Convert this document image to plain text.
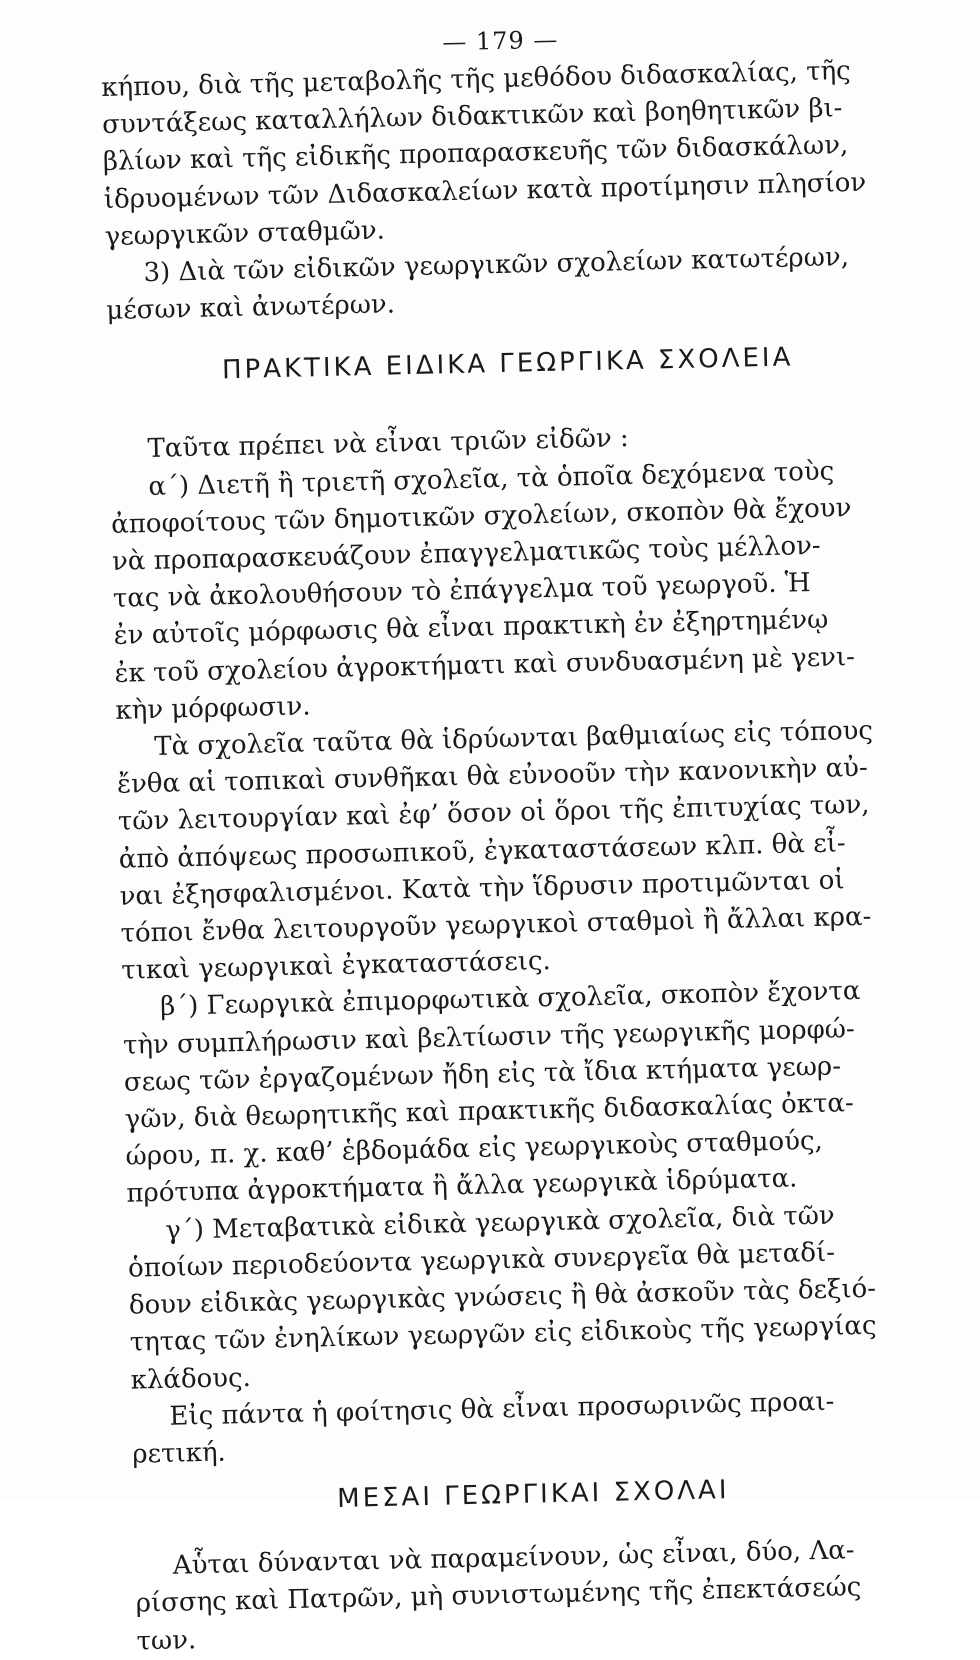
— 179 —

κήπου, διὰ τῆς μεταβολῆς τῆς μεθόδου διδασκαλίας, τῆς

συντάξεως καταλλήλων διδακτικῶν καὶ βοηθητικῶν βι-

βλίων καὶ τῆς εἰδικῆς προπαρασκευῆς τῶν διδασκάλων,

ἱδρυομένων τῶν Διδασκαλείων κατὰ προτίμησιν πλησίον

γεωργικῶν σταθμῶν.

3) Διὰ τῶν εἰδικῶν γεωργικῶν σχολείων κατωτέρων,

μέσων καὶ ἀνωτέρων.

ΠΡΑΚΤΙΚΑ ΕΙΔΙΚΑ ΓΕΩΡΓΙΚΑ ΣΧΟΛΕΙΑ

Ταῦτα πρέπει νὰ εἶναι τριῶν εἰδῶν :

α΄) Διετῆ ἢ τριετῆ σχολεῖα, τὰ ὁποῖα δεχόμενα τοὺς

ἀποφοίτους τῶν δημοτικῶν σχολείων, σκοπὸν θὰ ἔχουν

νὰ προπαρασκευάζουν ἐπαγγελματικῶς τοὺς μέλλον-

τας νὰ ἀκολουθήσουν τὸ ἐπάγγελμα τοῦ γεωργοῦ. Ἡ

ἐν αὐτοῖς μόρφωσις θὰ εἶναι πρακτικὴ ἐν ἐξηρτημένῳ

ἐκ τοῦ σχολείου ἀγροκτήματι καὶ συνδυασμένη μὲ γενι-

κὴν μόρφωσιν.

Τὰ σχολεῖα ταῦτα θὰ ἱδρύωνται βαθμιαίως εἰς τόπους

ἔνθα αἱ τοπικαὶ συνθῆκαι θὰ εὐνοοῦν τὴν κανονικὴν αὐ-

τῶν λειτουργίαν καὶ ἐφ’ ὅσον οἱ ὅροι τῆς ἐπιτυχίας των,

ἀπὸ ἀπόψεως προσωπικοῦ, ἐγκαταστάσεων κλπ. θὰ εἶ-

ναι ἐξησφαλισμένοι. Κατὰ τὴν ἵδρυσιν προτιμῶνται οἱ

τόποι ἔνθα λειτουργοῦν γεωργικοὶ σταθμοὶ ἢ ἄλλαι κρα-

τικαὶ γεωργικαὶ ἐγκαταστάσεις.

β΄) Γεωργικὰ ἐπιμορφωτικὰ σχολεῖα, σκοπὸν ἔχοντα

τὴν συμπλήρωσιν καὶ βελτίωσιν τῆς γεωργικῆς μορφώ-

σεως τῶν ἐργαζομένων ἤδη εἰς τὰ ἴδια κτήματα γεωρ-

γῶν, διὰ θεωρητικῆς καὶ πρακτικῆς διδασκαλίας ὀκτα-

ώρου, π. χ. καθ’ ἑβδομάδα εἰς γεωργικοὺς σταθμούς,

πρότυπα ἀγροκτήματα ἢ ἄλλα γεωργικὰ ἱδρύματα.

γ΄) Μεταβατικὰ εἰδικὰ γεωργικὰ σχολεῖα, διὰ τῶν

ὁποίων περιοδεύοντα γεωργικὰ συνεργεῖα θὰ μεταδί-

δουν εἰδικὰς γεωργικὰς γνώσεις ἢ θὰ ἀσκοῦν τὰς δεξιό-

τητας τῶν ἐνηλίκων γεωργῶν εἰς εἰδικοὺς τῆς γεωργίας

κλάδους.

Εἰς πάντα ἡ φοίτησις θὰ εἶναι προσωρινῶς προαι-

ρετική.

ΜΕΣΑΙ ΓΕΩΡΓΙΚΑΙ ΣΧΟΛΑΙ

Αὗται δύνανται νὰ παραμείνουν, ὡς εἶναι, δύο, Λα-

ρίσσης καὶ Πατρῶν, μὴ συνιστωμένης τῆς ἐπεκτάσεώς

των.
